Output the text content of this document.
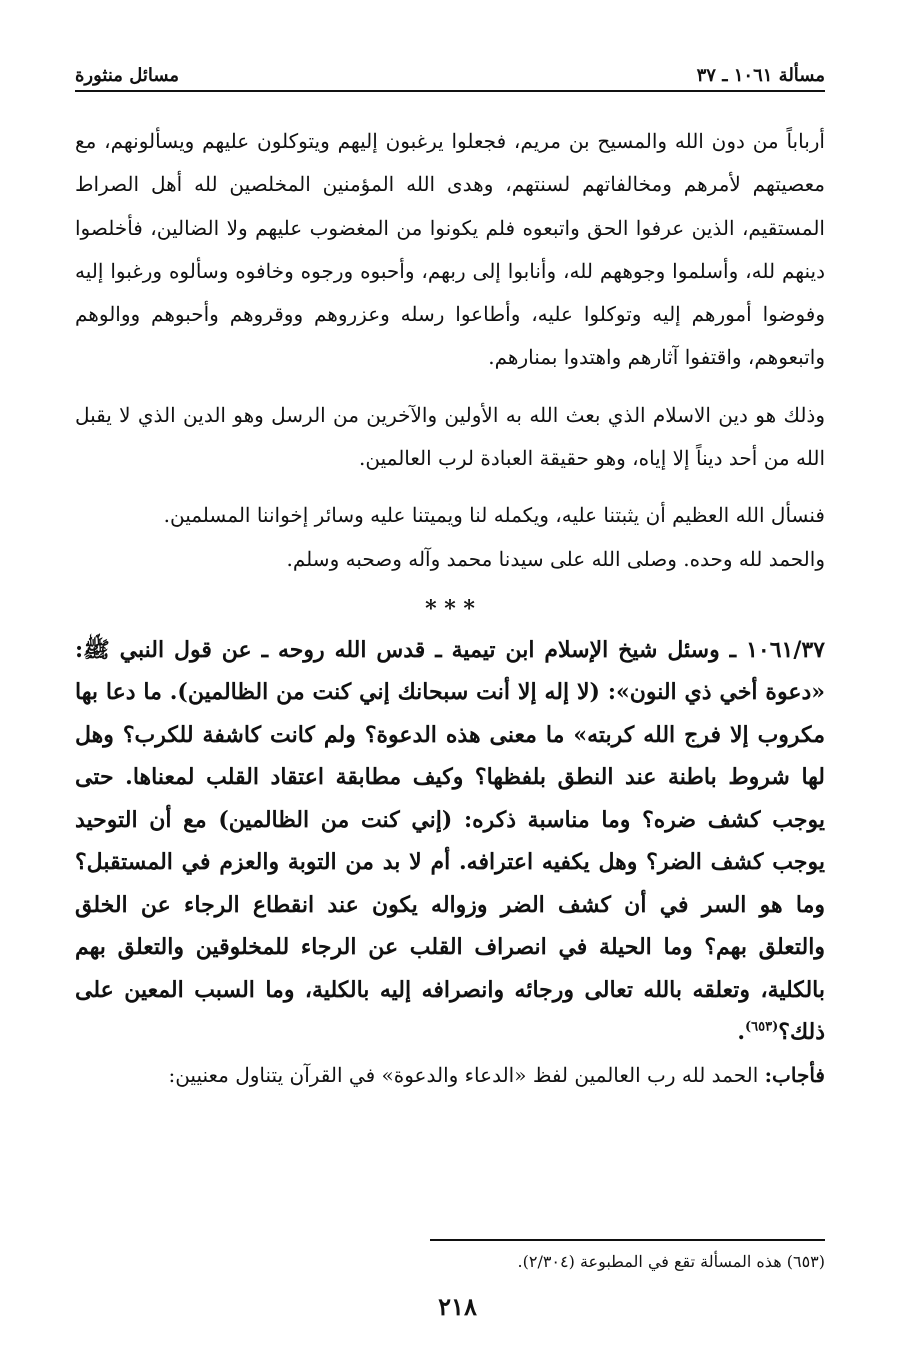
مسألة ١٠٦١ ـ ٣٧
مسائل منثورة

أرباباً من دون الله والمسيح بن مريم، فجعلوا يرغبون إليهم ويتوكلون عليهم ويسألونهم، مع معصيتهم لأمرهم ومخالفاتهم لسنتهم، وهدى الله المؤمنين المخلصين لله أهل الصراط المستقيم، الذين عرفوا الحق واتبعوه فلم يكونوا من المغضوب عليهم ولا الضالين، فأخلصوا دينهم لله، وأسلموا وجوههم لله، وأنابوا إلى ربهم، وأحبوه ورجوه وخافوه وسألوه ورغبوا إليه وفوضوا أمورهم إليه وتوكلوا عليه، وأطاعوا رسله وعزروهم ووقروهم وأحبوهم ووالوهم واتبعوهم، واقتفوا آثارهم واهتدوا بمنارهم.

وذلك هو دين الاسلام الذي بعث الله به الأولين والآخرين من الرسل وهو الدين الذي لا يقبل الله من أحد ديناً إلا إياه، وهو حقيقة العبادة لرب العالمين.

فنسأل الله العظيم أن يثبتنا عليه، ويكمله لنا ويميتنا عليه وسائر إخواننا المسلمين.

والحمد لله وحده. وصلى الله على سيدنا محمد وآله وصحبه وسلم.

* * *

١٠٦١/٣٧ ـ وسئل شيخ الإسلام ابن تيمية ـ قدس الله روحه ـ عن قول النبي ﷺ: «دعوة أخي ذي النون»: (لا إله إلا أنت سبحانك إني كنت من الظالمين). ما دعا بها مكروب إلا فرج الله كربته» ما معنى هذه الدعوة؟ ولم كانت كاشفة للكرب؟ وهل لها شروط باطنة عند النطق بلفظها؟ وكيف مطابقة اعتقاد القلب لمعناها. حتى يوجب كشف ضره؟ وما مناسبة ذكره: (إني كنت من الظالمين) مع أن التوحيد يوجب كشف الضر؟ وهل يكفيه اعترافه. أم لا بد من التوبة والعزم في المستقبل؟ وما هو السر في أن كشف الضر وزواله يكون عند انقطاع الرجاء عن الخلق والتعلق بهم؟ وما الحيلة في انصراف القلب عن الرجاء للمخلوقين والتعلق بهم بالكلية، وتعلقه بالله تعالى ورجائه وانصرافه إليه بالكلية، وما السبب المعين على ذلك؟$^{(٦٥٣)}$.

فأجاب: الحمد لله رب العالمين لفظ «الدعاء والدعوة» في القرآن يتناول معنيين:

(٦٥٣) هذه المسألة تقع في المطبوعة (٢/٣٠٤).
٢١٨
